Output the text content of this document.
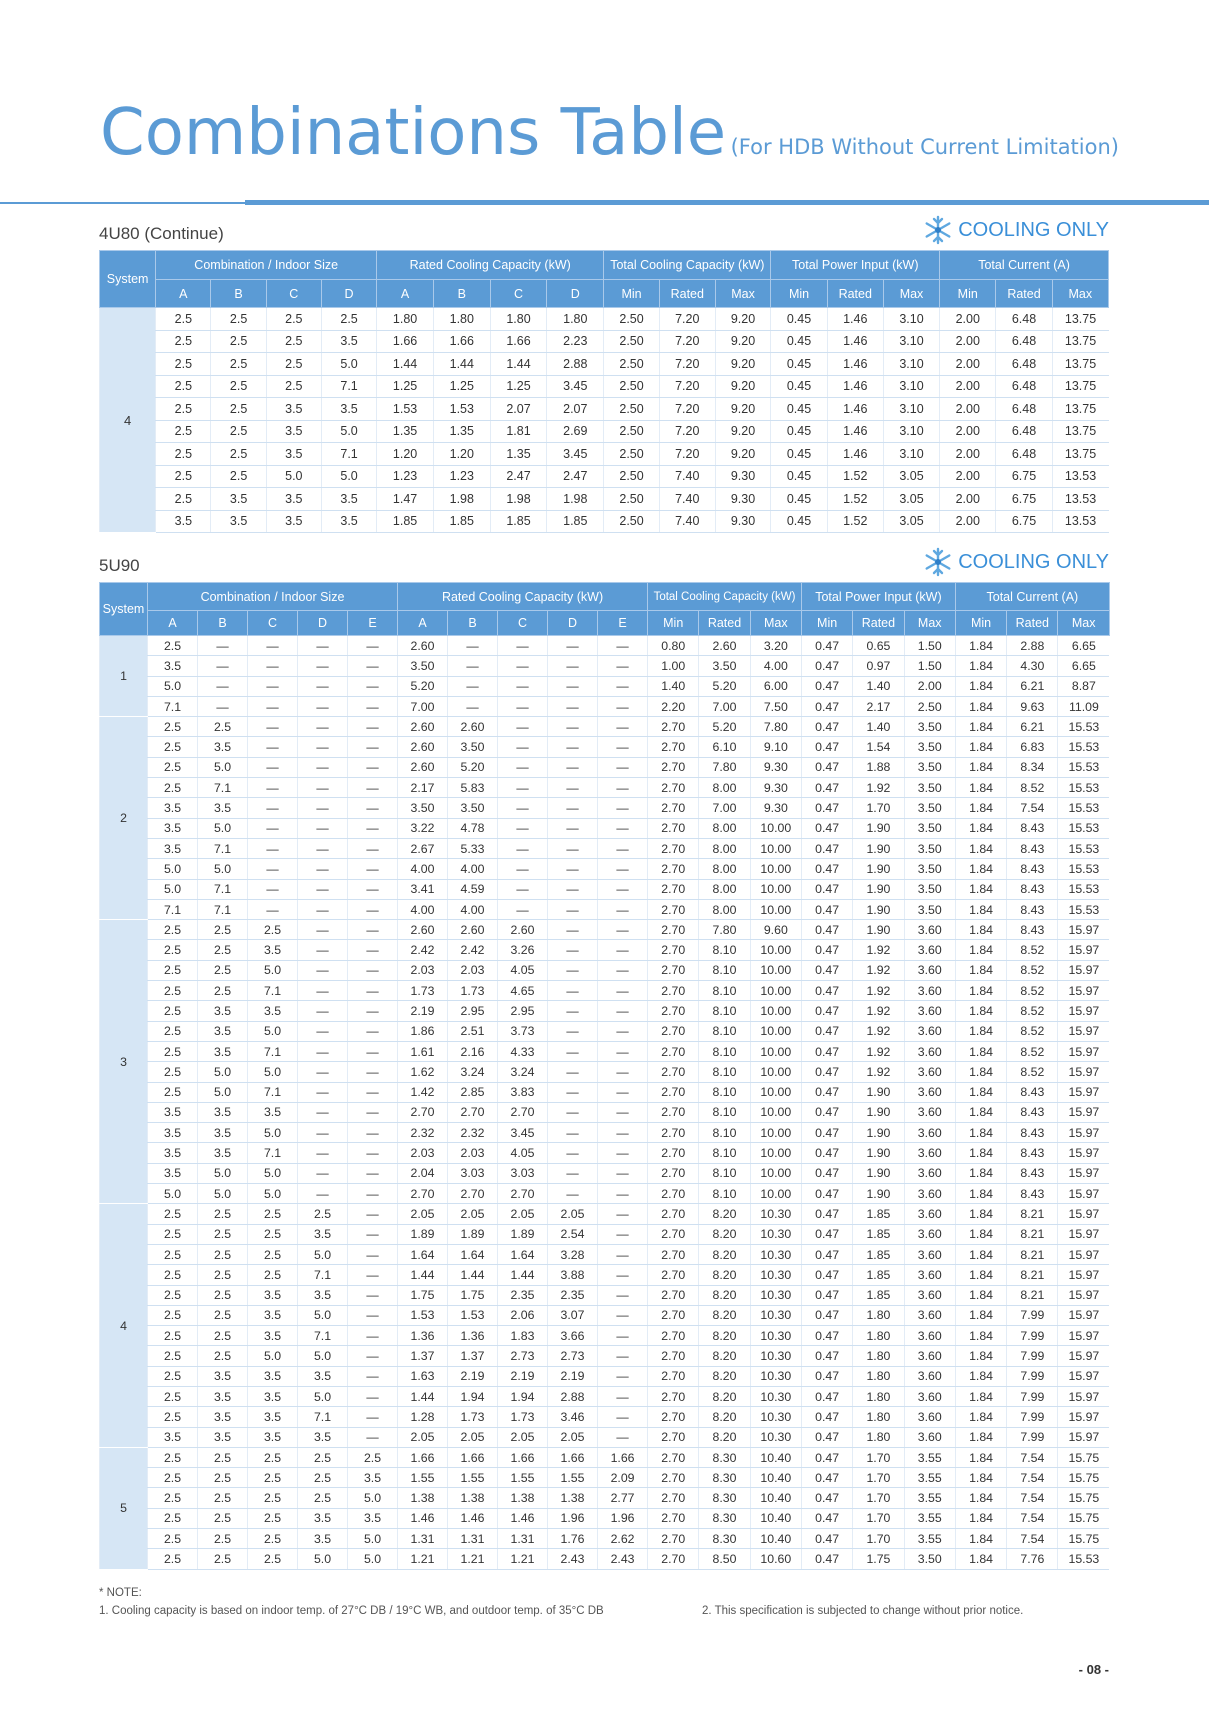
Combinations Table (For HDB Without Current Limitation)
4U80 (Continue)	COOLING ONLY
System	Combination / Indoor Size				Rated Cooling Capacity (kW)				Total Cooling Capacity (kW)			Total Power Input (kW)			Total Current (A)		
	A	B	C	D	A	B	C	D	Min	Rated	Max	Min	Rated	Max	Min	Rated	Max
4	2.5	2.5	2.5	2.5	1.80	1.80	1.80	1.80	2.50	7.20	9.20	0.45	1.46	3.10	2.00	6.48	13.75
	2.5	2.5	2.5	3.5	1.66	1.66	1.66	2.23	2.50	7.20	9.20	0.45	1.46	3.10	2.00	6.48	13.75
	2.5	2.5	2.5	5.0	1.44	1.44	1.44	2.88	2.50	7.20	9.20	0.45	1.46	3.10	2.00	6.48	13.75
	2.5	2.5	2.5	7.1	1.25	1.25	1.25	3.45	2.50	7.20	9.20	0.45	1.46	3.10	2.00	6.48	13.75
	2.5	2.5	3.5	3.5	1.53	1.53	2.07	2.07	2.50	7.20	9.20	0.45	1.46	3.10	2.00	6.48	13.75
	2.5	2.5	3.5	5.0	1.35	1.35	1.81	2.69	2.50	7.20	9.20	0.45	1.46	3.10	2.00	6.48	13.75
	2.5	2.5	3.5	7.1	1.20	1.20	1.35	3.45	2.50	7.20	9.20	0.45	1.46	3.10	2.00	6.48	13.75
	2.5	2.5	5.0	5.0	1.23	1.23	2.47	2.47	2.50	7.40	9.30	0.45	1.52	3.05	2.00	6.75	13.53
	2.5	3.5	3.5	3.5	1.47	1.98	1.98	1.98	2.50	7.40	9.30	0.45	1.52	3.05	2.00	6.75	13.53
	3.5	3.5	3.5	3.5	1.85	1.85	1.85	1.85	2.50	7.40	9.30	0.45	1.52	3.05	2.00	6.75	13.53
5U90	COOLING ONLY
System	Combination / Indoor Size					Rated Cooling Capacity (kW)					Total Cooling Capacity (kW)			Total Power Input (kW)			Total Current (A)		
	A	B	C	D	E	A	B	C	D	E	Min	Rated	Max	Min	Rated	Max	Min	Rated	Max
1	2.5	—	—	—	—	2.60	—	—	—	—	0.80	2.60	3.20	0.47	0.65	1.50	1.84	2.88	6.65
	3.5	—	—	—	—	3.50	—	—	—	—	1.00	3.50	4.00	0.47	0.97	1.50	1.84	4.30	6.65
	5.0	—	—	—	—	5.20	—	—	—	—	1.40	5.20	6.00	0.47	1.40	2.00	1.84	6.21	8.87
	7.1	—	—	—	—	7.00	—	—	—	—	2.20	7.00	7.50	0.47	2.17	2.50	1.84	9.63	11.09
2	2.5	2.5	—	—	—	2.60	2.60	—	—	—	2.70	5.20	7.80	0.47	1.40	3.50	1.84	6.21	15.53
	2.5	3.5	—	—	—	2.60	3.50	—	—	—	2.70	6.10	9.10	0.47	1.54	3.50	1.84	6.83	15.53
	2.5	5.0	—	—	—	2.60	5.20	—	—	—	2.70	7.80	9.30	0.47	1.88	3.50	1.84	8.34	15.53
	2.5	7.1	—	—	—	2.17	5.83	—	—	—	2.70	8.00	9.30	0.47	1.92	3.50	1.84	8.52	15.53
	3.5	3.5	—	—	—	3.50	3.50	—	—	—	2.70	7.00	9.30	0.47	1.70	3.50	1.84	7.54	15.53
	3.5	5.0	—	—	—	3.22	4.78	—	—	—	2.70	8.00	10.00	0.47	1.90	3.50	1.84	8.43	15.53
	3.5	7.1	—	—	—	2.67	5.33	—	—	—	2.70	8.00	10.00	0.47	1.90	3.50	1.84	8.43	15.53
	5.0	5.0	—	—	—	4.00	4.00	—	—	—	2.70	8.00	10.00	0.47	1.90	3.50	1.84	8.43	15.53
	5.0	7.1	—	—	—	3.41	4.59	—	—	—	2.70	8.00	10.00	0.47	1.90	3.50	1.84	8.43	15.53
	7.1	7.1	—	—	—	4.00	4.00	—	—	—	2.70	8.00	10.00	0.47	1.90	3.50	1.84	8.43	15.53
3	2.5	2.5	2.5	—	—	2.60	2.60	2.60	—	—	2.70	7.80	9.60	0.47	1.90	3.60	1.84	8.43	15.97
	2.5	2.5	3.5	—	—	2.42	2.42	3.26	—	—	2.70	8.10	10.00	0.47	1.92	3.60	1.84	8.52	15.97
	2.5	2.5	5.0	—	—	2.03	2.03	4.05	—	—	2.70	8.10	10.00	0.47	1.92	3.60	1.84	8.52	15.97
	2.5	2.5	7.1	—	—	1.73	1.73	4.65	—	—	2.70	8.10	10.00	0.47	1.92	3.60	1.84	8.52	15.97
	2.5	3.5	3.5	—	—	2.19	2.95	2.95	—	—	2.70	8.10	10.00	0.47	1.92	3.60	1.84	8.52	15.97
	2.5	3.5	5.0	—	—	1.86	2.51	3.73	—	—	2.70	8.10	10.00	0.47	1.92	3.60	1.84	8.52	15.97
	2.5	3.5	7.1	—	—	1.61	2.16	4.33	—	—	2.70	8.10	10.00	0.47	1.92	3.60	1.84	8.52	15.97
	2.5	5.0	5.0	—	—	1.62	3.24	3.24	—	—	2.70	8.10	10.00	0.47	1.92	3.60	1.84	8.52	15.97
	2.5	5.0	7.1	—	—	1.42	2.85	3.83	—	—	2.70	8.10	10.00	0.47	1.90	3.60	1.84	8.43	15.97
	3.5	3.5	3.5	—	—	2.70	2.70	2.70	—	—	2.70	8.10	10.00	0.47	1.90	3.60	1.84	8.43	15.97
	3.5	3.5	5.0	—	—	2.32	2.32	3.45	—	—	2.70	8.10	10.00	0.47	1.90	3.60	1.84	8.43	15.97
	3.5	3.5	7.1	—	—	2.03	2.03	4.05	—	—	2.70	8.10	10.00	0.47	1.90	3.60	1.84	8.43	15.97
	3.5	5.0	5.0	—	—	2.04	3.03	3.03	—	—	2.70	8.10	10.00	0.47	1.90	3.60	1.84	8.43	15.97
	5.0	5.0	5.0	—	—	2.70	2.70	2.70	—	—	2.70	8.10	10.00	0.47	1.90	3.60	1.84	8.43	15.97
4	2.5	2.5	2.5	2.5	—	2.05	2.05	2.05	2.05	—	2.70	8.20	10.30	0.47	1.85	3.60	1.84	8.21	15.97
	2.5	2.5	2.5	3.5	—	1.89	1.89	1.89	2.54	—	2.70	8.20	10.30	0.47	1.85	3.60	1.84	8.21	15.97
	2.5	2.5	2.5	5.0	—	1.64	1.64	1.64	3.28	—	2.70	8.20	10.30	0.47	1.85	3.60	1.84	8.21	15.97
	2.5	2.5	2.5	7.1	—	1.44	1.44	1.44	3.88	—	2.70	8.20	10.30	0.47	1.85	3.60	1.84	8.21	15.97
	2.5	2.5	3.5	3.5	—	1.75	1.75	2.35	2.35	—	2.70	8.20	10.30	0.47	1.85	3.60	1.84	8.21	15.97
	2.5	2.5	3.5	5.0	—	1.53	1.53	2.06	3.07	—	2.70	8.20	10.30	0.47	1.80	3.60	1.84	7.99	15.97
	2.5	2.5	3.5	7.1	—	1.36	1.36	1.83	3.66	—	2.70	8.20	10.30	0.47	1.80	3.60	1.84	7.99	15.97
	2.5	2.5	5.0	5.0	—	1.37	1.37	2.73	2.73	—	2.70	8.20	10.30	0.47	1.80	3.60	1.84	7.99	15.97
	2.5	3.5	3.5	3.5	—	1.63	2.19	2.19	2.19	—	2.70	8.20	10.30	0.47	1.80	3.60	1.84	7.99	15.97
	2.5	3.5	3.5	5.0	—	1.44	1.94	1.94	2.88	—	2.70	8.20	10.30	0.47	1.80	3.60	1.84	7.99	15.97
	2.5	3.5	3.5	7.1	—	1.28	1.73	1.73	3.46	—	2.70	8.20	10.30	0.47	1.80	3.60	1.84	7.99	15.97
	3.5	3.5	3.5	3.5	—	2.05	2.05	2.05	2.05	—	2.70	8.20	10.30	0.47	1.80	3.60	1.84	7.99	15.97
5	2.5	2.5	2.5	2.5	2.5	1.66	1.66	1.66	1.66	1.66	2.70	8.30	10.40	0.47	1.70	3.55	1.84	7.54	15.75
	2.5	2.5	2.5	2.5	3.5	1.55	1.55	1.55	1.55	2.09	2.70	8.30	10.40	0.47	1.70	3.55	1.84	7.54	15.75
	2.5	2.5	2.5	2.5	5.0	1.38	1.38	1.38	1.38	2.77	2.70	8.30	10.40	0.47	1.70	3.55	1.84	7.54	15.75
	2.5	2.5	2.5	3.5	3.5	1.46	1.46	1.46	1.96	1.96	2.70	8.30	10.40	0.47	1.70	3.55	1.84	7.54	15.75
	2.5	2.5	2.5	3.5	5.0	1.31	1.31	1.31	1.76	2.62	2.70	8.30	10.40	0.47	1.70	3.55	1.84	7.54	15.75
	2.5	2.5	2.5	5.0	5.0	1.21	1.21	1.21	2.43	2.43	2.70	8.50	10.60	0.47	1.75	3.50	1.84	7.76	15.53
* NOTE:
1. Cooling capacity is based on indoor temp. of 27°C DB / 19°C WB, and outdoor temp. of 35°C DB	2. This specification is subjected to change without prior notice.
- 08 -
